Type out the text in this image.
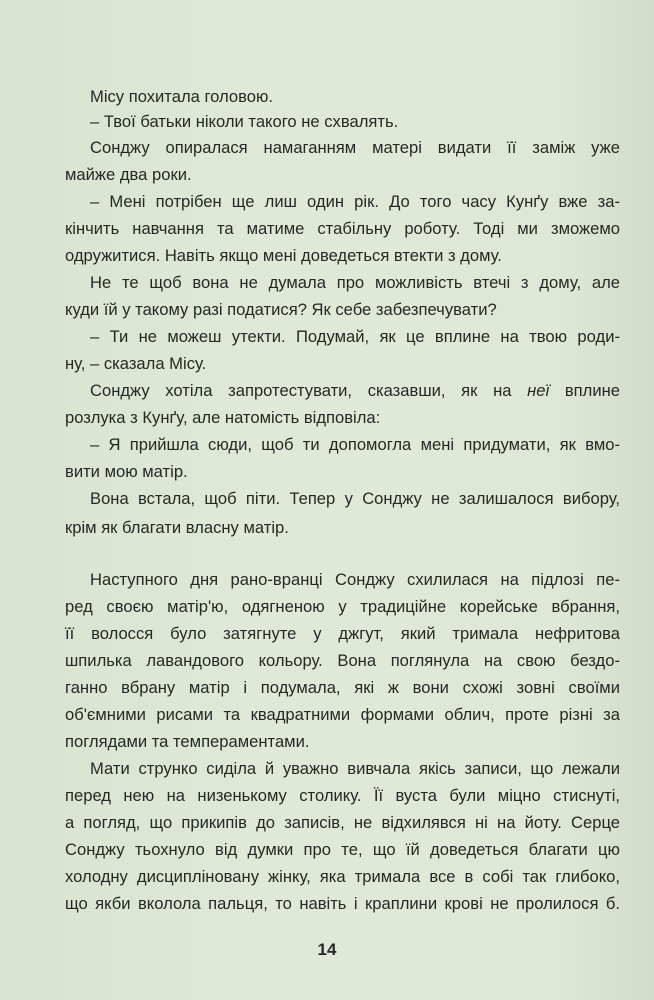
Місу похитала головою.
– Твої батьки ніколи такого не схвалять.
Сонджу опиралася намаганням матері видати її заміж уже
майже два роки.
– Мені потрібен ще лиш один рік. До того часу Кунґу вже за-
кінчить навчання та матиме стабільну роботу. Тоді ми зможемо
одружитися. Навіть якщо мені доведеться втекти з дому.
Не те щоб вона не думала про можливість втечі з дому, але
куди їй у такому разі податися? Як себе забезпечувати?
– Ти не можеш утекти. Подумай, як це вплине на твою роди-
ну, – сказала Місу.
Сонджу хотіла запротестувати, сказавши, як на неї вплине
розлука з Кунґу, але натомість відповіла:
– Я прийшла сюди, щоб ти допомогла мені придумати, як вмо-
вити мою матір.
Вона встала, щоб піти. Тепер у Сонджу не залишалося вибору,
крім як благати власну матір.
Наступного дня рано-вранці Сонджу схилилася на підлозі пе-
ред своєю матір'ю, одягненою у традиційне корейське вбрання,
її волосся було затягнуте у джгут, який тримала нефритова
шпилька лавандового кольору. Вона поглянула на свою бездо-
ганно вбрану матір і подумала, які ж вони схожі зовні своїми
об'ємними рисами та квадратними формами облич, проте різні за
поглядами та темпераментами.
Мати струнко сиділа й уважно вивчала якісь записи, що лежали
перед нею на низенькому столику. Її вуста були міцно стиснуті,
а погляд, що прикипів до записів, не відхилявся ні на йоту. Серце
Сонджу тьохнуло від думки про те, що їй доведеться благати цю
холодну дисципліновану жінку, яка тримала все в собі так глибоко,
що якби вколола пальця, то навіть і краплини крові не пролилося б.
14
